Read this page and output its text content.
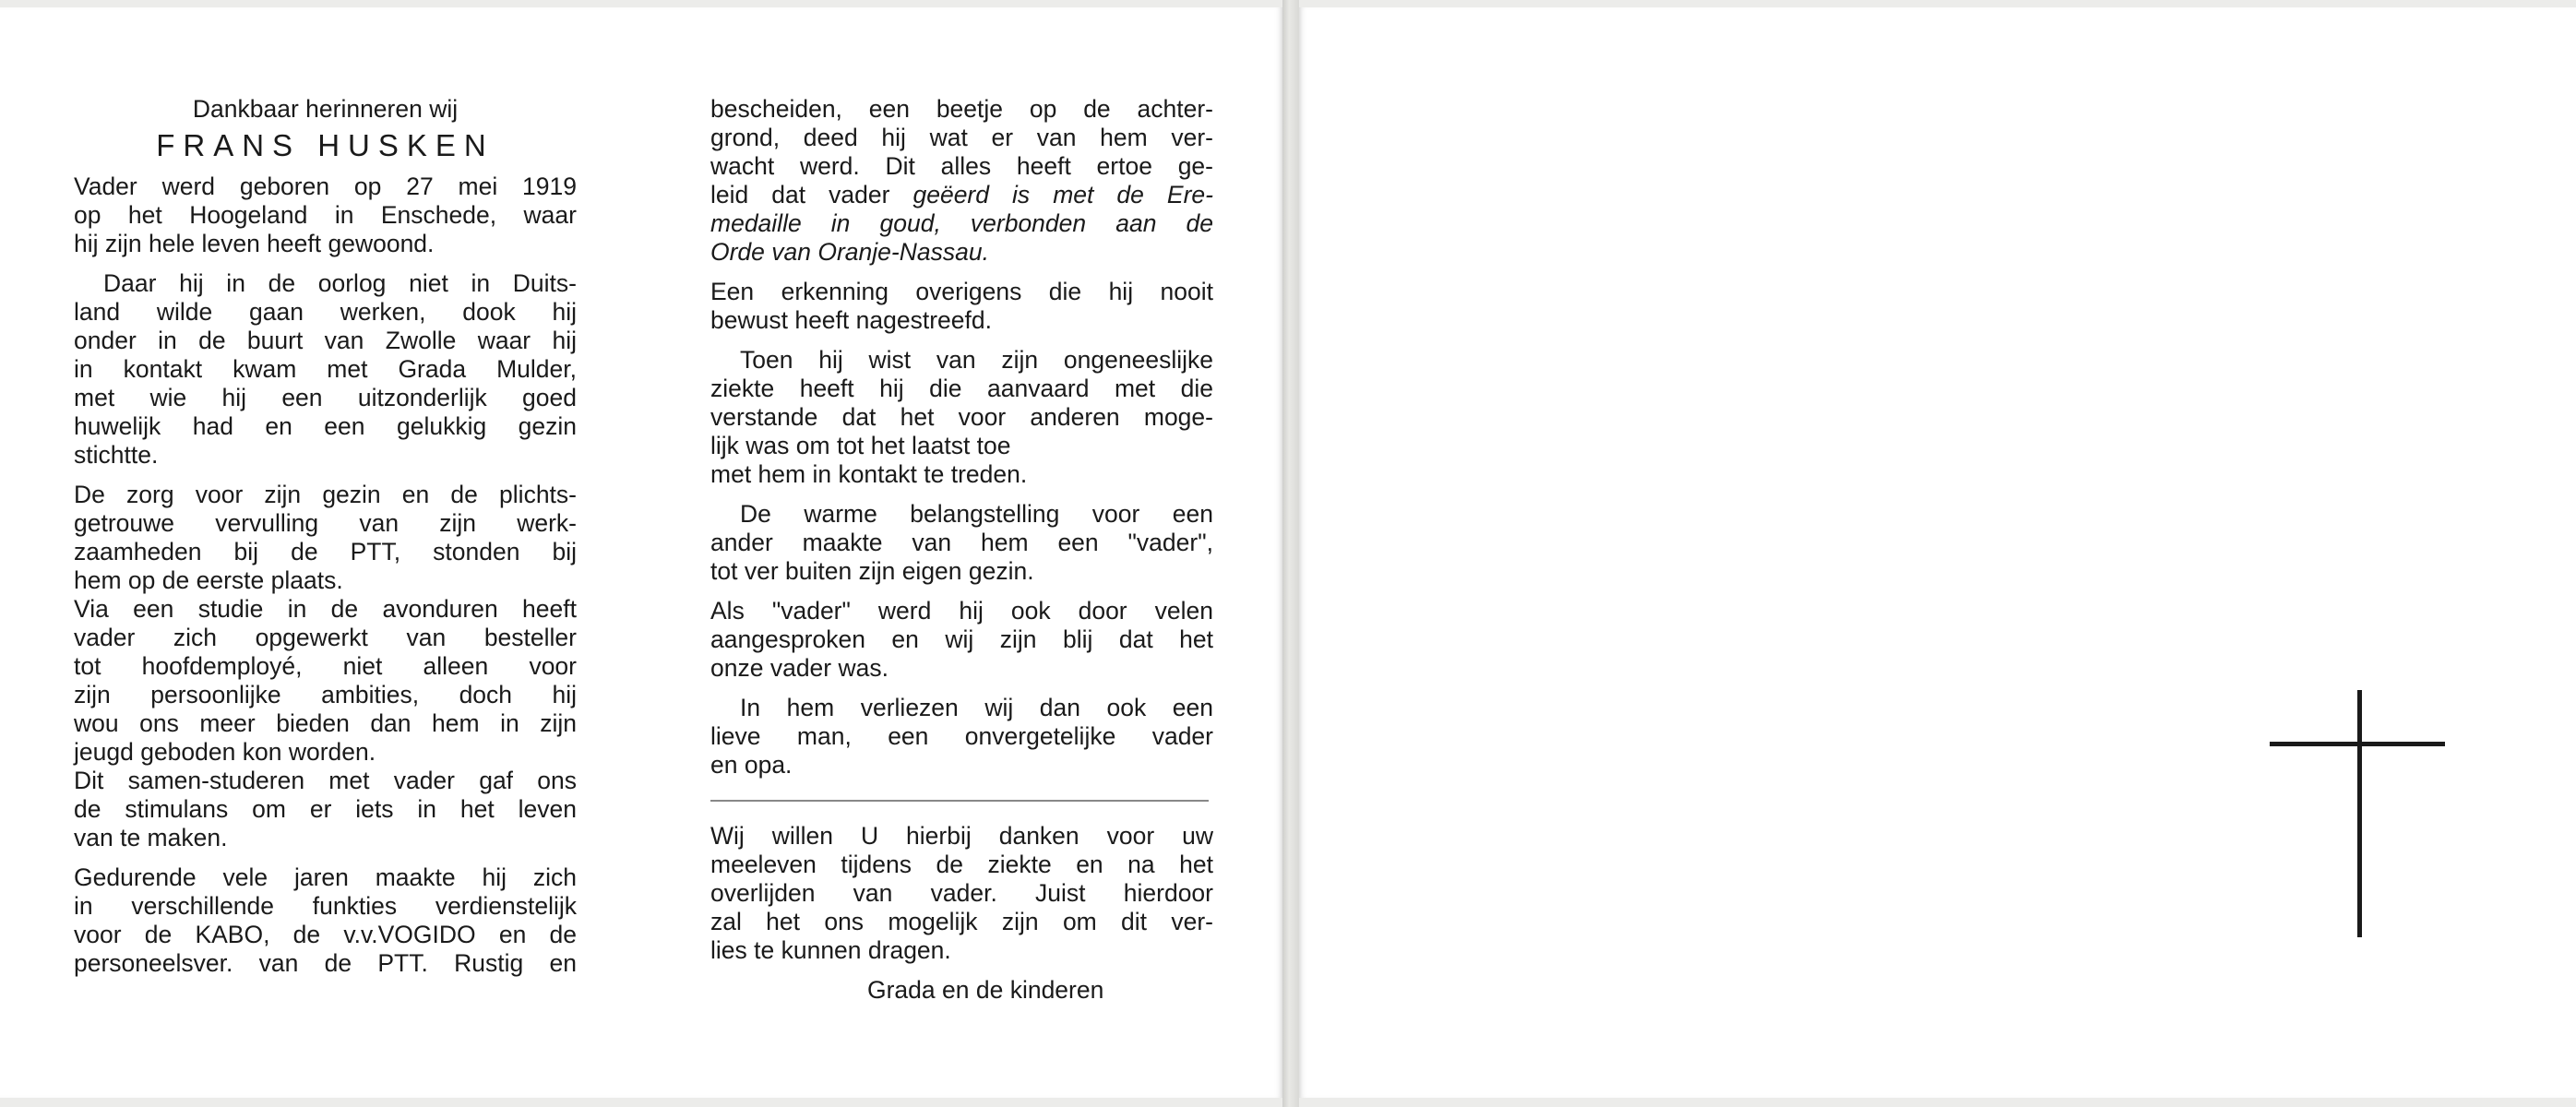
Dankbaar herinneren wij
FRANS HUSKEN
Vader werd geboren op 27 mei 1919
op het Hoogeland in Enschede, waar
hij zijn hele leven heeft gewoond.
Daar hij in de oorlog niet in Duits-
land wilde gaan werken, dook hij
onder in de buurt van Zwolle waar hij
in kontakt kwam met Grada Mulder,
met wie hij een uitzonderlijk goed
huwelijk had en een gelukkig gezin
stichtte.
De zorg voor zijn gezin en de plichts-
getrouwe vervulling van zijn werk-
zaamheden bij de PTT, stonden bij
hem op de eerste plaats.
Via een studie in de avonduren heeft
vader zich opgewerkt van besteller
tot hoofdemployé, niet alleen voor
zijn persoonlijke ambities, doch hij
wou ons meer bieden dan hem in zijn
jeugd geboden kon worden.
Dit samen-studeren met vader gaf ons
de stimulans om er iets in het leven
van te maken.
Gedurende vele jaren maakte hij zich
in verschillende funkties verdienstelijk
voor de KABO, de v.v.VOGIDO en de
personeelsver. van de PTT. Rustig en
bescheiden, een beetje op de achter-
grond, deed hij wat er van hem ver-
wacht werd. Dit alles heeft ertoe ge-
leid dat vader geëerd is met de Ere-
medaille in goud, verbonden aan de
Orde van Oranje-Nassau.
Een erkenning overigens die hij nooit
bewust heeft nagestreefd.
Toen hij wist van zijn ongeneeslijke
ziekte heeft hij die aanvaard met die
verstande dat het voor anderen moge-
lijk was om tot het laatst toe
met hem in kontakt te treden.
De warme belangstelling voor een
ander maakte van hem een "vader",
tot ver buiten zijn eigen gezin.
Als "vader" werd hij ook door velen
aangesproken en wij zijn blij dat het
onze vader was.
In hem verliezen wij dan ook een
lieve man, een onvergetelijke vader
en opa.
Wij willen U hierbij danken voor uw
meeleven tijdens de ziekte en na het
overlijden van vader. Juist hierdoor
zal het ons mogelijk zijn om dit ver-
lies te kunnen dragen.
Grada en de kinderen
